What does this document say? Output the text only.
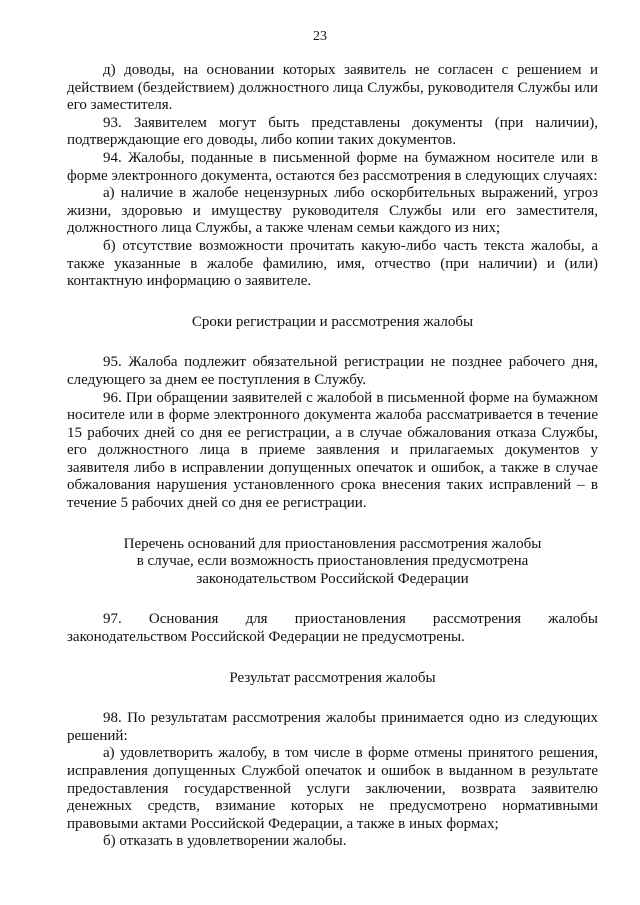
23

д) доводы, на основании которых заявитель не согласен с решением и действием (бездействием) должностного лица Службы, руководителя Службы или его заместителя.

93. Заявителем могут быть представлены документы (при наличии), подтверждающие его доводы, либо копии таких документов.

94. Жалобы, поданные в письменной форме на бумажном носителе или в форме электронного документа, остаются без рассмотрения в следующих случаях:

а) наличие в жалобе нецензурных либо оскорбительных выражений, угроз жизни, здоровью и имуществу руководителя Службы или его заместителя, должностного лица Службы, а также членам семьи каждого из них;

б) отсутствие возможности прочитать какую-либо часть текста жалобы, а также указанные в жалобе фамилию, имя, отчество (при наличии) и (или) контактную информацию о заявителе.

Сроки регистрации и рассмотрения жалобы

95. Жалоба подлежит обязательной регистрации не позднее рабочего дня, следующего за днем ее поступления в Службу.

96. При обращении заявителей с жалобой в письменной форме на бумажном носителе или в форме электронного документа жалоба рассматривается в течение 15 рабочих дней со дня ее регистрации, а в случае обжалования отказа Службы, его должностного лица в приеме заявления и прилагаемых документов у заявителя либо в исправлении допущенных опечаток и ошибок, а также в случае обжалования нарушения установленного срока внесения таких исправлений – в течение 5 рабочих дней со дня ее регистрации.

Перечень оснований для приостановления рассмотрения жалобы
в случае, если возможность приостановления предусмотрена
законодательством Российской Федерации

97. Основания для приостановления рассмотрения жалобы законодательством Российской Федерации не предусмотрены.

Результат рассмотрения жалобы

98. По результатам рассмотрения жалобы принимается одно из следующих решений:

а) удовлетворить жалобу, в том числе в форме отмены принятого решения, исправления допущенных Службой опечаток и ошибок в выданном в результате предоставления государственной услуги заключении, возврата заявителю денежных средств, взимание которых не предусмотрено нормативными правовыми актами Российской Федерации, а также в иных формах;

б) отказать в удовлетворении жалобы.
